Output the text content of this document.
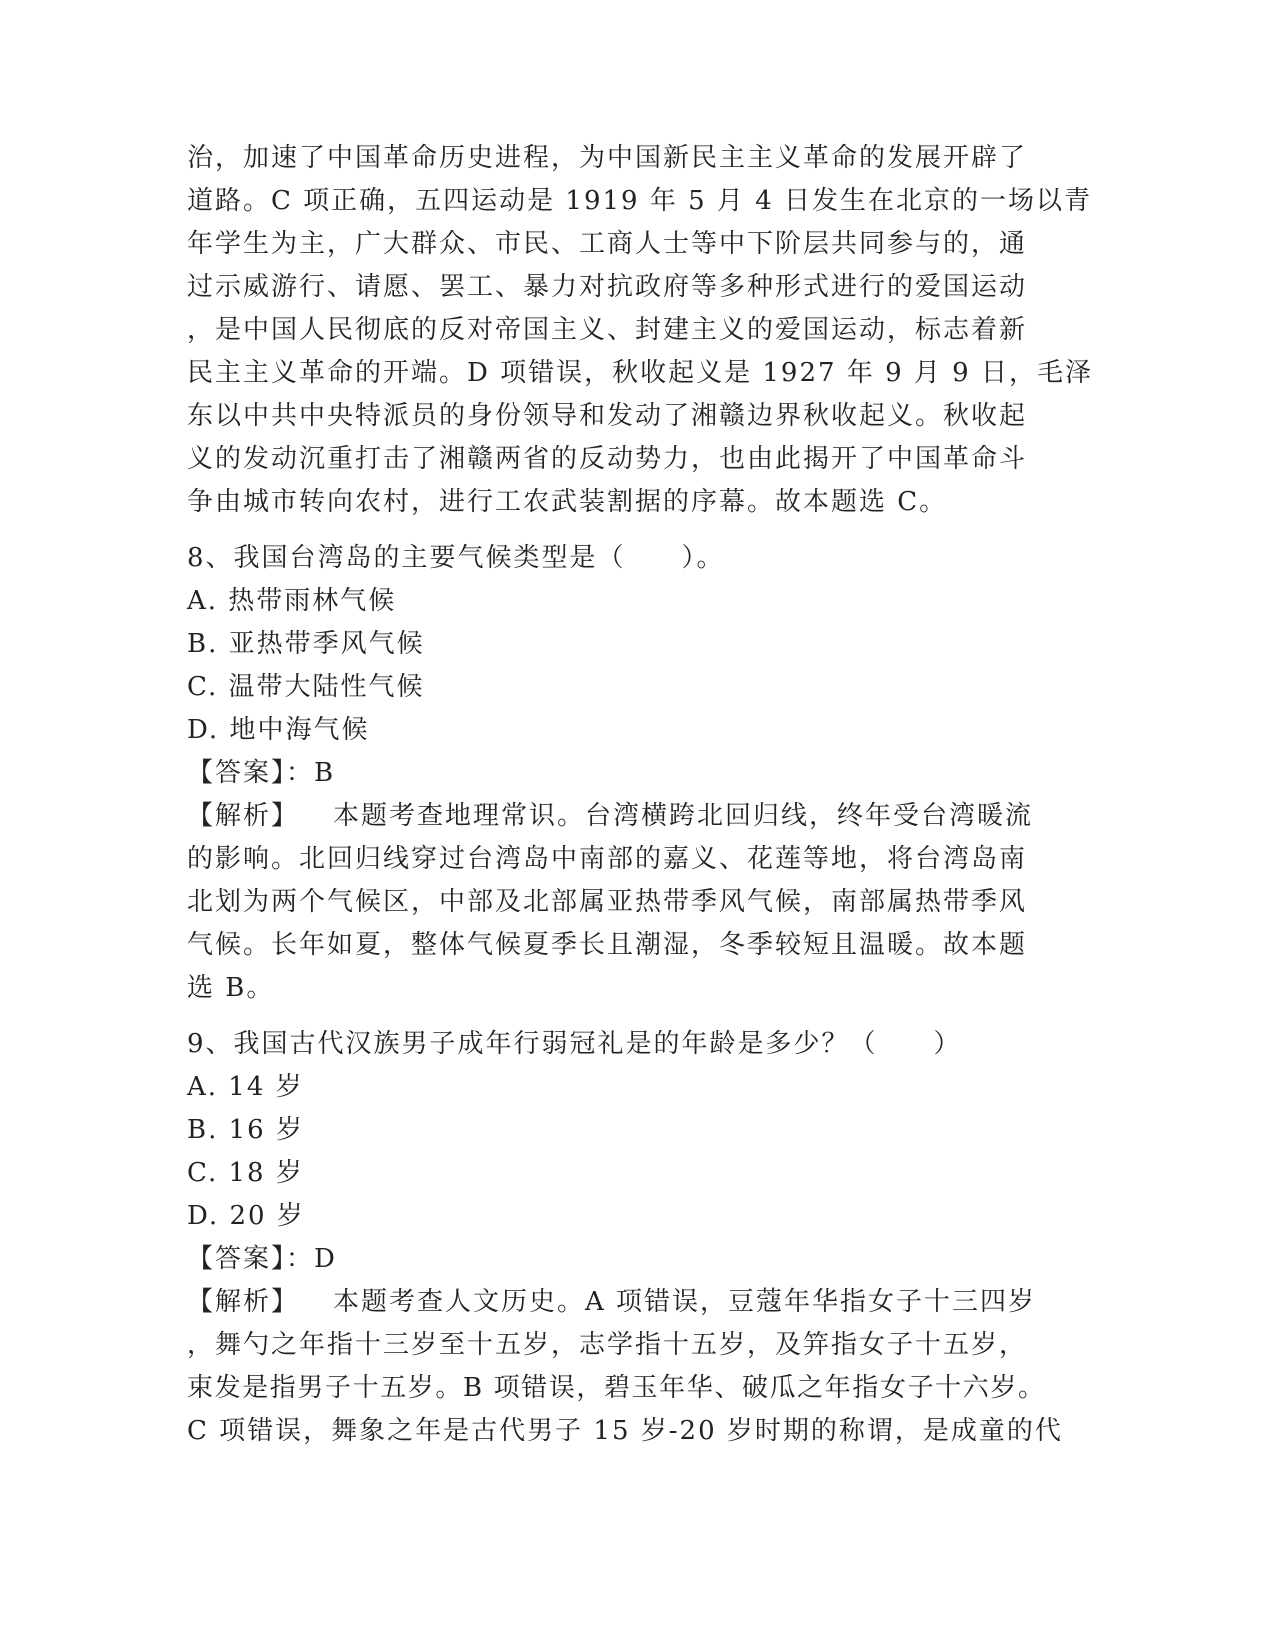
治，加速了中国革命历史进程，为中国新民主主义革命的发展开辟了
道路。C 项正确，五四运动是 1919 年 5 月 4 日发生在北京的一场以青
年学生为主，广大群众、市民、工商人士等中下阶层共同参与的，通
过示威游行、请愿、罢工、暴力对抗政府等多种形式进行的爱国运动
，是中国人民彻底的反对帝国主义、封建主义的爱国运动，标志着新
民主主义革命的开端。D 项错误，秋收起义是 1927 年 9 月 9 日，毛泽
东以中共中央特派员的身份领导和发动了湘赣边界秋收起义。秋收起
义的发动沉重打击了湘赣两省的反动势力，也由此揭开了中国革命斗
争由城市转向农村，进行工农武装割据的序幕。故本题选 C。
8、我国台湾岛的主要气候类型是（　　）。
A. 热带雨林气候
B. 亚热带季风气候
C. 温带大陆性气候
D. 地中海气候
【答案】：B
【解析】 本题考查地理常识。台湾横跨北回归线，终年受台湾暖流
的影响。北回归线穿过台湾岛中南部的嘉义、花莲等地，将台湾岛南
北划为两个气候区，中部及北部属亚热带季风气候，南部属热带季风
气候。长年如夏，整体气候夏季长且潮湿，冬季较短且温暖。故本题
选 B。
9、我国古代汉族男子成年行弱冠礼是的年龄是多少？（　　）
A. 14 岁
B. 16 岁
C. 18 岁
D. 20 岁
【答案】：D
【解析】 本题考查人文历史。A 项错误，豆蔻年华指女子十三四岁
，舞勺之年指十三岁至十五岁，志学指十五岁，及笄指女子十五岁，
束发是指男子十五岁。B 项错误，碧玉年华、破瓜之年指女子十六岁。
C 项错误，舞象之年是古代男子 15 岁-20 岁时期的称谓，是成童的代
